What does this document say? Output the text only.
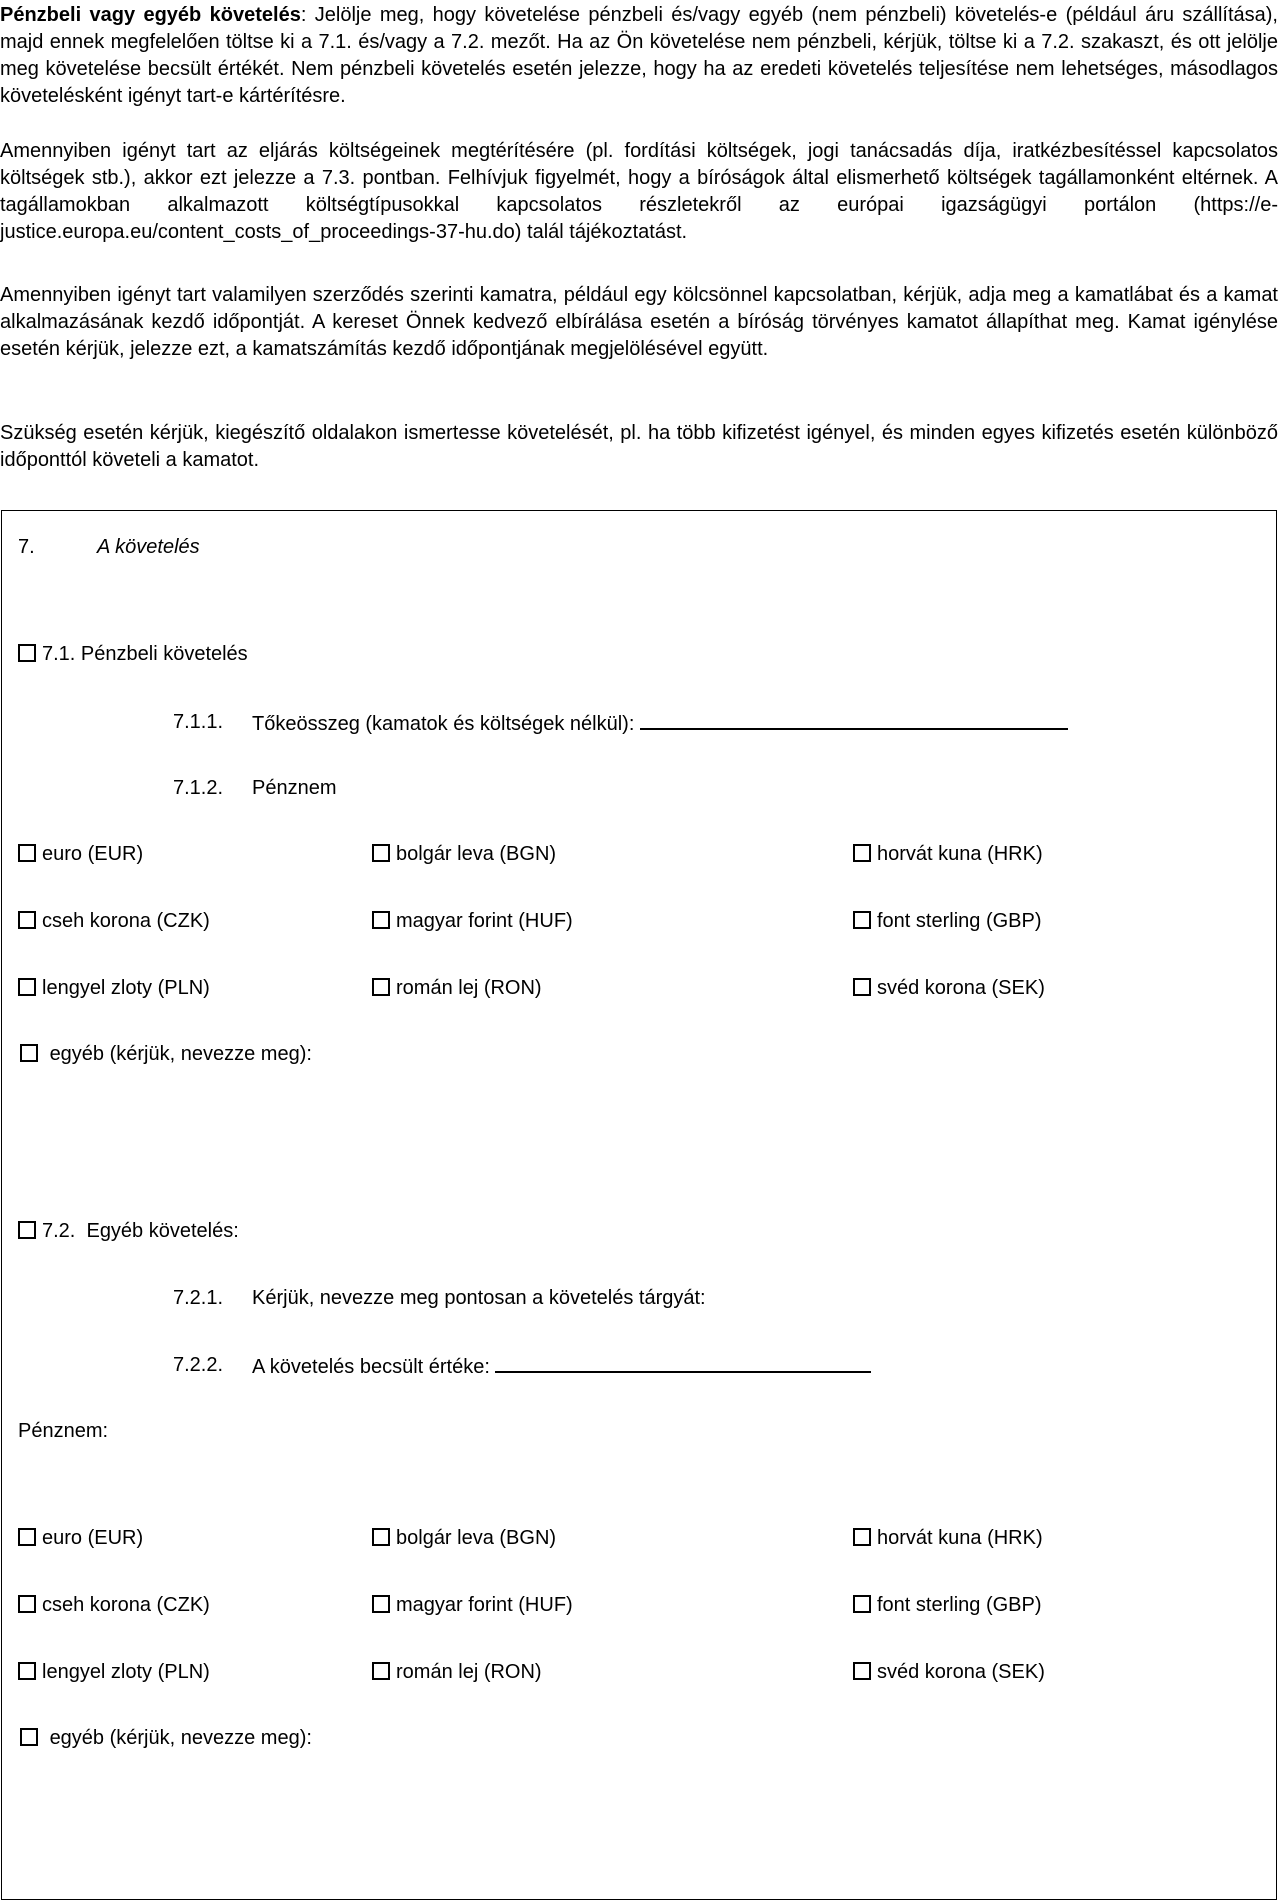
Pénzbeli vagy egyéb követelés: Jelölje meg, hogy követelése pénzbeli és/vagy egyéb (nem pénzbeli) követelés-e (például áru szállítása), majd ennek megfelelően töltse ki a 7.1. és/vagy a 7.2. mezőt. Ha az Ön követelése nem pénzbeli, kérjük, töltse ki a 7.2. szakaszt, és ott jelölje meg követelése becsült értékét. Nem pénzbeli követelés esetén jelezze, hogy ha az eredeti követelés teljesítése nem lehetséges, másodlagos követelésként igényt tart-e kártérítésre.
Amennyiben igényt tart az eljárás költségeinek megtérítésére (pl. fordítási költségek, jogi tanácsadás díja, iratkézbesítéssel kapcsolatos költségek stb.), akkor ezt jelezze a 7.3. pontban. Felhívjuk figyelmét, hogy a bíróságok által elismerhető költségek tagállamonként eltérnek. A tagállamokban alkalmazott költségtípusokkal kapcsolatos részletekről az európai igazságügyi portálon (https://e-justice.europa.eu/content_costs_of_proceedings-37-hu.do) talál tájékoztatást.
Amennyiben igényt tart valamilyen szerződés szerinti kamatra, például egy kölcsönnel kapcsolatban, kérjük, adja meg a kamatlábat és a kamat alkalmazásának kezdő időpontját. A kereset Önnek kedvező elbírálása esetén a bíróság törvényes kamatot állapíthat meg. Kamat igénylése esetén kérjük, jelezze ezt, a kamatszámítás kezdő időpontjának megjelölésével együtt.
Szükség esetén kérjük, kiegészítő oldalakon ismertesse követelését, pl. ha több kifizetést igényel, és minden egyes kifizetés esetén különböző időponttól követeli a kamatot.
7.	A követelés
7.1. Pénzbeli követelés
7.1.1. Tőkeösszeg (kamatok és költségek nélkül):
7.1.2. Pénznem
euro (EUR)	bolgár leva (BGN)	horvát kuna (HRK)
cseh korona (CZK)	magyar forint (HUF)	font sterling (GBP)
lengyel zloty (PLN)	román lej (RON)	svéd korona (SEK)
egyéb (kérjük, nevezze meg):
7.2.  Egyéb követelés:
7.2.1. Kérjük, nevezze meg pontosan a követelés tárgyát:
7.2.2. A követelés becsült értéke:
Pénznem:
euro (EUR)	bolgár leva (BGN)	horvát kuna (HRK)
cseh korona (CZK)	magyar forint (HUF)	font sterling (GBP)
lengyel zloty (PLN)	román lej (RON)	svéd korona (SEK)
egyéb (kérjük, nevezze meg):
